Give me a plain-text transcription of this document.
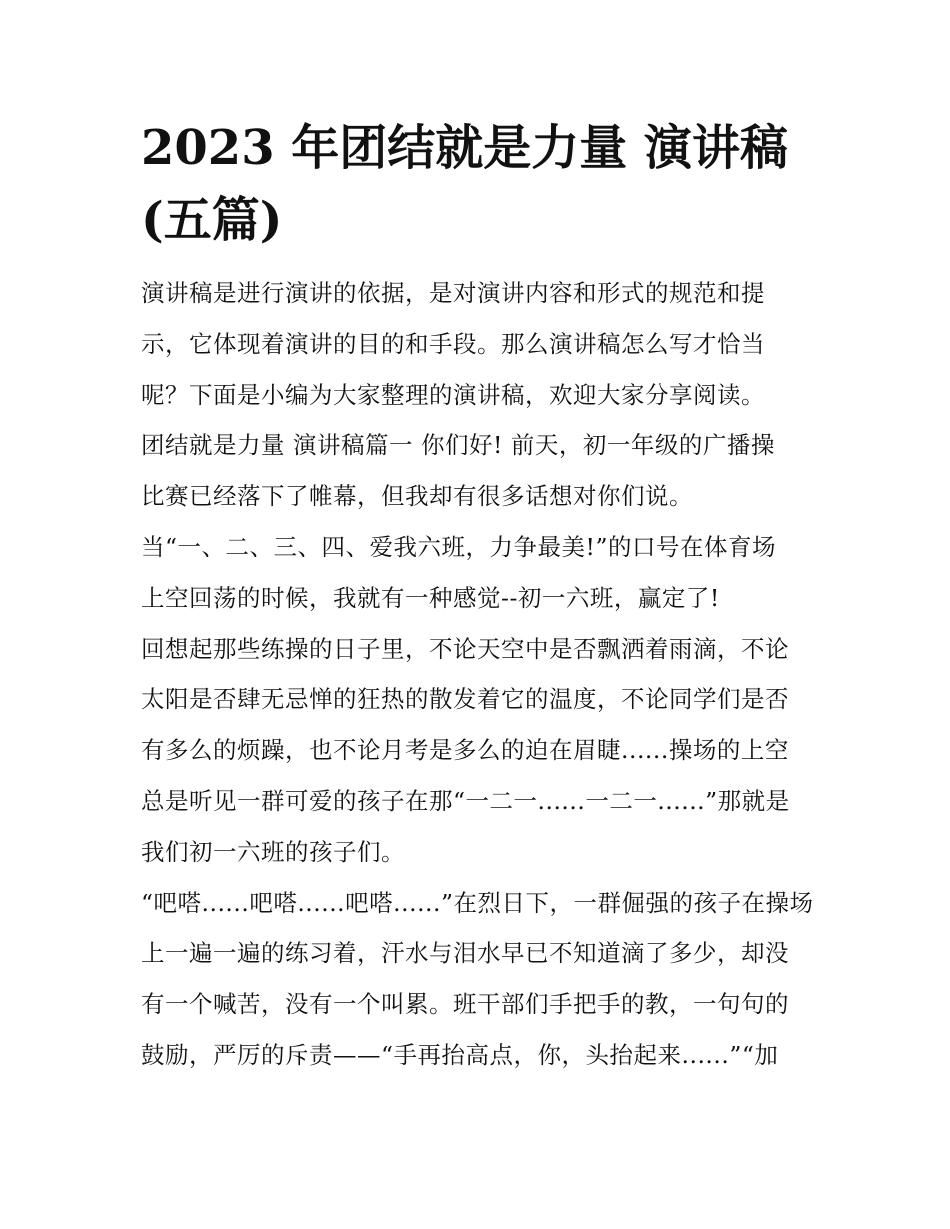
2023 年团结就是力量 演讲稿
(五篇)
演讲稿是进行演讲的依据，是对演讲内容和形式的规范和提
示，它体现着演讲的目的和手段。那么演讲稿怎么写才恰当
呢？下面是小编为大家整理的演讲稿，欢迎大家分享阅读。
团结就是力量 演讲稿篇一 你们好! 前天，初一年级的广播操
比赛已经落下了帷幕，但我却有很多话想对你们说。
当“一、二、三、四、爱我六班，力争最美!”的口号在体育场
上空回荡的时候，我就有一种感觉--初一六班，赢定了!
回想起那些练操的日子里，不论天空中是否飘洒着雨滴，不论
太阳是否肆无忌惮的狂热的散发着它的温度，不论同学们是否
有多么的烦躁，也不论月考是多么的迫在眉睫......操场的上空
总是听见一群可爱的孩子在那“一二一......一二一......”那就是
我们初一六班的孩子们。
“吧嗒......吧嗒......吧嗒......”在烈日下，一群倔强的孩子在操场
上一遍一遍的练习着，汗水与泪水早已不知道滴了多少，却没
有一个喊苦，没有一个叫累。班干部们手把手的教，一句句的
鼓励，严厉的斥责——“手再抬高点，你，头抬起来......”“加
